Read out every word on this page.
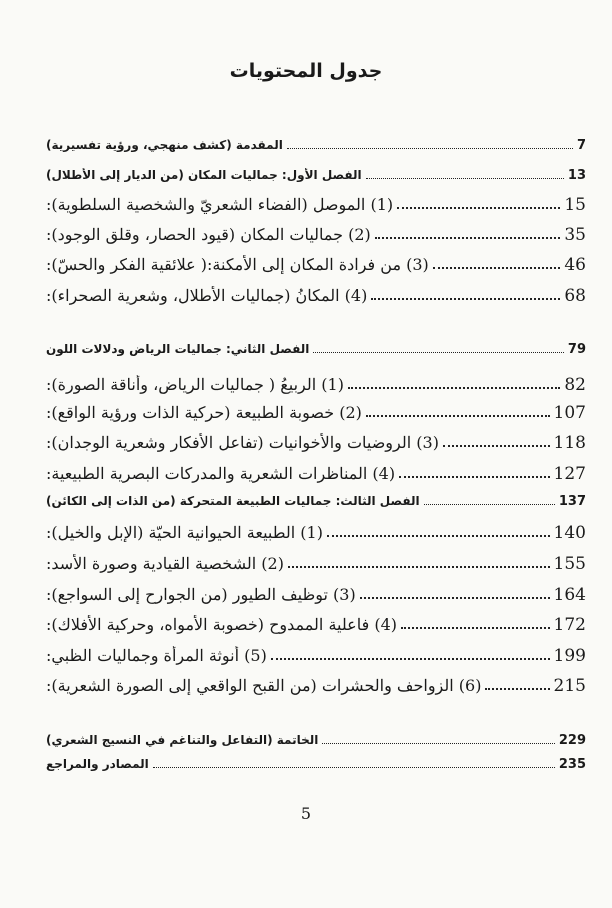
جدول المحتويات
المقدمة (كشف منهجي، ورؤية تفسيرية)	7
الفصل الأول: جماليات المكان (من الديار إلى الأطلال)	13
(1) الموصل (الفضاء الشعريّ والشخصية السلطوية):	15
(2) جماليات المكان (قيود الحصار، وقلق الوجود):	35
(3) من فرادة المكان إلى الأمكنة:( علائقية الفكر والحسّ):	46
(4) المكانُ (جماليات الأطلال، وشعرية الصحراء):	68
الفصل الثاني: جماليات الرياض ودلالات اللون	79
(1) الربيعُ ( جماليات الرياض، وأناقة الصورة):	82
(2) خصوبة الطبيعة (حركية الذات ورؤية الواقع):	107
(3) الروضيات والأخوانيات (تفاعل الأفكار وشعرية الوجدان):	118
(4) المناظرات الشعرية والمدركات البصرية الطبيعية:	127
الفصل الثالث: جماليات الطبيعة المتحركة (من الذات إلى الكائن)	137
(1) الطبيعة الحيوانية الحيّة (الإبل والخيل):	140
(2) الشخصية القيادية وصورة الأسد:	155
(3) توظيف الطيور (من الجوارح إلى السواجع):	164
(4) فاعلية الممدوح (خصوبة الأمواه، وحركية الأفلاك):	172
(5) أنوثة المرأة وجماليات الظبي:	199
(6) الزواحف والحشرات (من القبح الواقعي إلى الصورة الشعرية):	215
الخاتمة (التفاعل والتناغم في النسيج الشعري)	229
المصادر والمراجع	235
5
